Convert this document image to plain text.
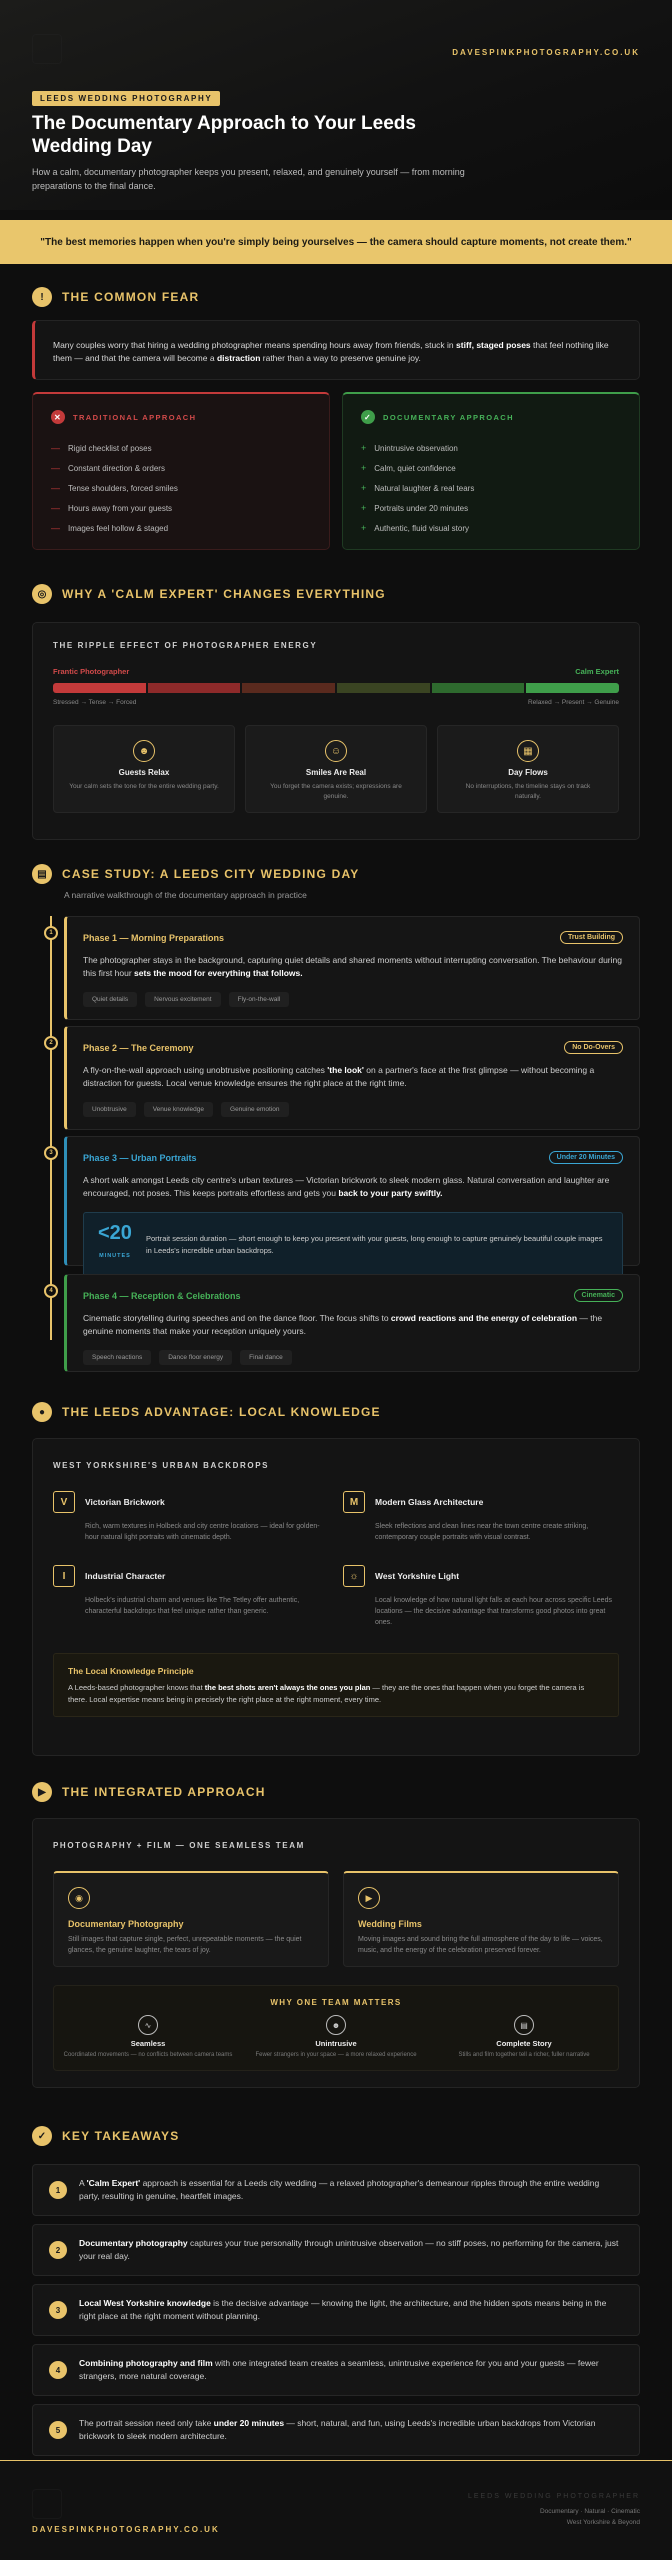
DAVESPINKPHOTOGRAPHY.CO.UK
LEEDS WEDDING PHOTOGRAPHY
The Documentary Approach to Your Leeds Wedding Day
How a calm, documentary photographer keeps you present, relaxed, and genuinely yourself — from morning preparations to the final dance.
"The best memories happen when you're simply being yourselves — the camera should capture moments, not create them."
!	THE COMMON FEAR
Many couples worry that hiring a wedding photographer means spending hours away from friends, stuck in stiff, staged poses that feel nothing like them — and that the camera will become a distraction rather than a way to preserve genuine joy.
✕	TRADITIONAL APPROACH
— Rigid checklist of poses
— Constant direction & orders
— Tense shoulders, forced smiles
— Hours away from your guests
— Images feel hollow & staged
✓	DOCUMENTARY APPROACH
+ Unintrusive observation
+ Calm, quiet confidence
+ Natural laughter & real tears
+ Portraits under 20 minutes
+ Authentic, fluid visual story
◎	WHY A 'CALM EXPERT' CHANGES EVERYTHING
THE RIPPLE EFFECT OF PHOTOGRAPHER ENERGY
Frantic Photographer	Calm Expert
Stressed → Tense → Forced	Relaxed → Present → Genuine
☻
Guests Relax
Your calm sets the tone for the entire wedding party.
☺
Smiles Are Real
You forget the camera exists; expressions are genuine.
▦
Day Flows
No interruptions, the timeline stays on track naturally.
▤	CASE STUDY: A LEEDS CITY WEDDING DAY
A narrative walkthrough of the documentary approach in practice
1	Phase 1 — Morning Preparations	Trust Building
The photographer stays in the background, capturing quiet details and shared moments without interrupting conversation. The behaviour during this first hour sets the mood for everything that follows.
Quiet details	Nervous excitement	Fly-on-the-wall
2	Phase 2 — The Ceremony	No Do-Overs
A fly-on-the-wall approach using unobtrusive positioning catches 'the look' on a partner's face at the first glimpse — without becoming a distraction for guests. Local venue knowledge ensures the right place at the right time.
Unobtrusive	Venue knowledge	Genuine emotion
3	Phase 3 — Urban Portraits	Under 20 Minutes
A short walk amongst Leeds city centre's urban textures — Victorian brickwork to sleek modern glass. Natural conversation and laughter are encouraged, not poses. This keeps portraits effortless and gets you back to your party swiftly.
<20
MINUTES
Portrait session duration — short enough to keep you present with your guests, long enough to capture genuinely beautiful couple images in Leeds's incredible urban backdrops.
4	Phase 4 — Reception & Celebrations	Cinematic
Cinematic storytelling during speeches and on the dance floor. The focus shifts to crowd reactions and the energy of celebration — the genuine moments that make your reception uniquely yours.
Speech reactions	Dance floor energy	Final dance
●	THE LEEDS ADVANTAGE: LOCAL KNOWLEDGE
WEST YORKSHIRE'S URBAN BACKDROPS
V	Victorian Brickwork
Rich, warm textures in Holbeck and city centre locations — ideal for golden-hour natural light portraits with cinematic depth.
M	Modern Glass Architecture
Sleek reflections and clean lines near the town centre create striking, contemporary couple portraits with visual contrast.
I	Industrial Character
Holbeck's industrial charm and venues like The Tetley offer authentic, characterful backdrops that feel unique rather than generic.
☼	West Yorkshire Light
Local knowledge of how natural light falls at each hour across specific Leeds locations — the decisive advantage that transforms good photos into great ones.
The Local Knowledge Principle
A Leeds-based photographer knows that the best shots aren't always the ones you plan — they are the ones that happen when you forget the camera is there. Local expertise means being in precisely the right place at the right moment, every time.
▶	THE INTEGRATED APPROACH
PHOTOGRAPHY + FILM — ONE SEAMLESS TEAM
◉
Documentary Photography
Still images that capture single, perfect, unrepeatable moments — the quiet glances, the genuine laughter, the tears of joy.
▶
Wedding Films
Moving images and sound bring the full atmosphere of the day to life — voices, music, and the energy of the celebration preserved forever.
WHY ONE TEAM MATTERS
∿
Seamless
Coordinated movements — no conflicts between camera teams
☻
Unintrusive
Fewer strangers in your space — a more relaxed experience
▤
Complete Story
Stills and film together tell a richer, fuller narrative
✓	KEY TAKEAWAYS
1
A 'Calm Expert' approach is essential for a Leeds city wedding — a relaxed photographer's demeanour ripples through the entire wedding party, resulting in genuine, heartfelt images.
2
Documentary photography captures your true personality through unintrusive observation — no stiff poses, no performing for the camera, just your real day.
3
Local West Yorkshire knowledge is the decisive advantage — knowing the light, the architecture, and the hidden spots means being in the right place at the right moment without planning.
4
Combining photography and film with one integrated team creates a seamless, unintrusive experience for you and your guests — fewer strangers, more natural coverage.
5
The portrait session need only take under 20 minutes — short, natural, and fun, using Leeds's incredible urban backdrops from Victorian brickwork to sleek modern architecture.
DAVESPINKPHOTOGRAPHY.CO.UK
LEEDS WEDDING PHOTOGRAPHER
Documentary · Natural · Cinematic
West Yorkshire & Beyond
